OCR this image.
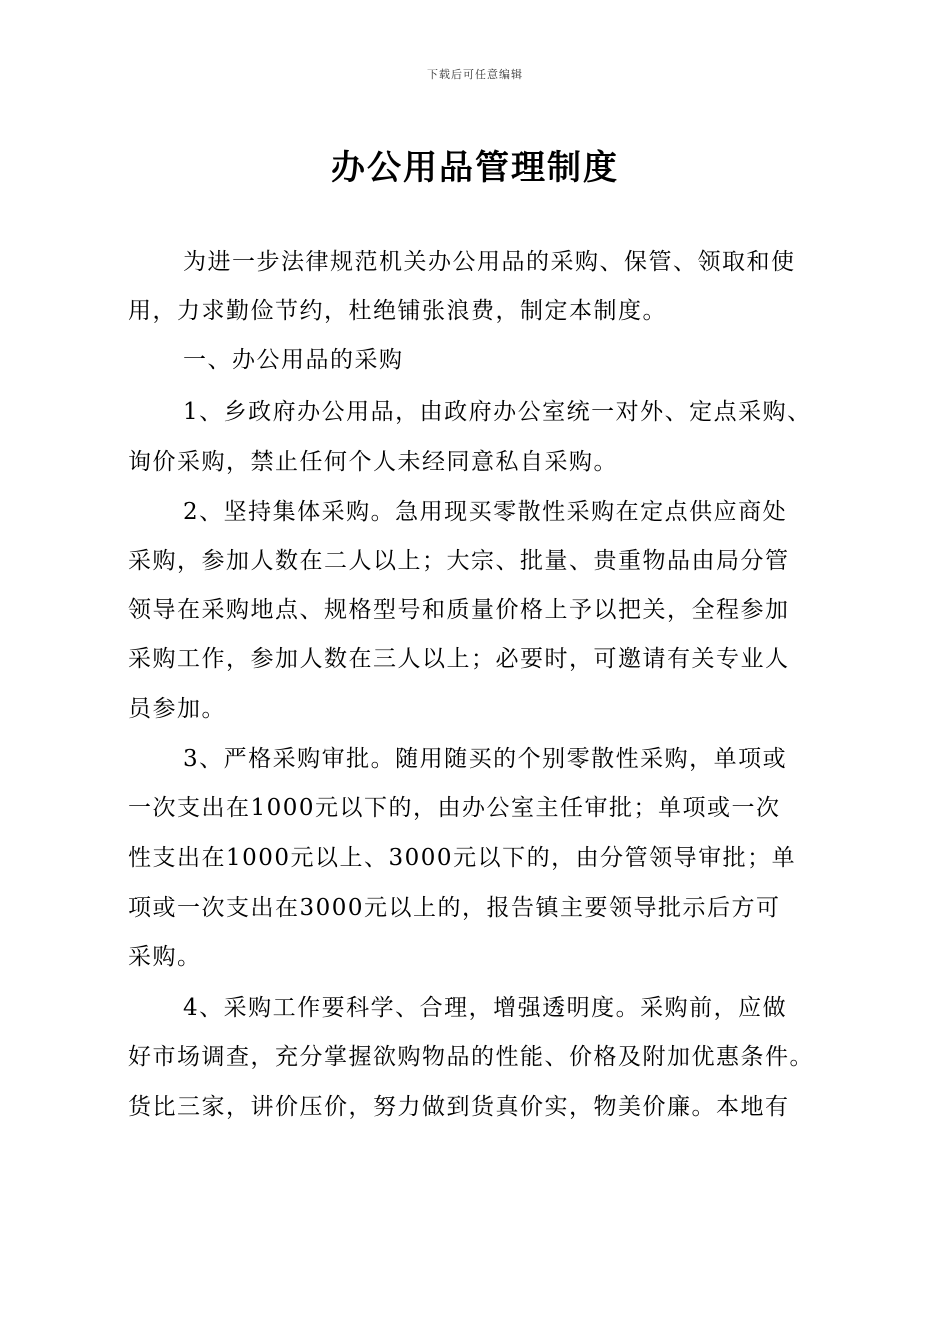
下载后可任意编辑
办公用品管理制度
为进一步法律规范机关办公用品的采购、保管、领取和使
用，力求勤俭节约，杜绝铺张浪费，制定本制度。
一、办公用品的采购
1、乡政府办公用品，由政府办公室统一对外、定点采购、
询价采购，禁止任何个人未经同意私自采购。
2、坚持集体采购。急用现买零散性采购在定点供应商处
采购，参加人数在二人以上；大宗、批量、贵重物品由局分管
领导在采购地点、规格型号和质量价格上予以把关，全程参加
采购工作，参加人数在三人以上；必要时，可邀请有关专业人
员参加。
3、严格采购审批。随用随买的个别零散性采购，单项或
一次支出在1000元以下的，由办公室主任审批；单项或一次
性支出在1000元以上、3000元以下的，由分管领导审批；单
项或一次支出在3000元以上的，报告镇主要领导批示后方可
采购。
4、采购工作要科学、合理，增强透明度。采购前，应做
好市场调查，充分掌握欲购物品的性能、价格及附加优惠条件。
货比三家，讲价压价，努力做到货真价实，物美价廉。本地有
